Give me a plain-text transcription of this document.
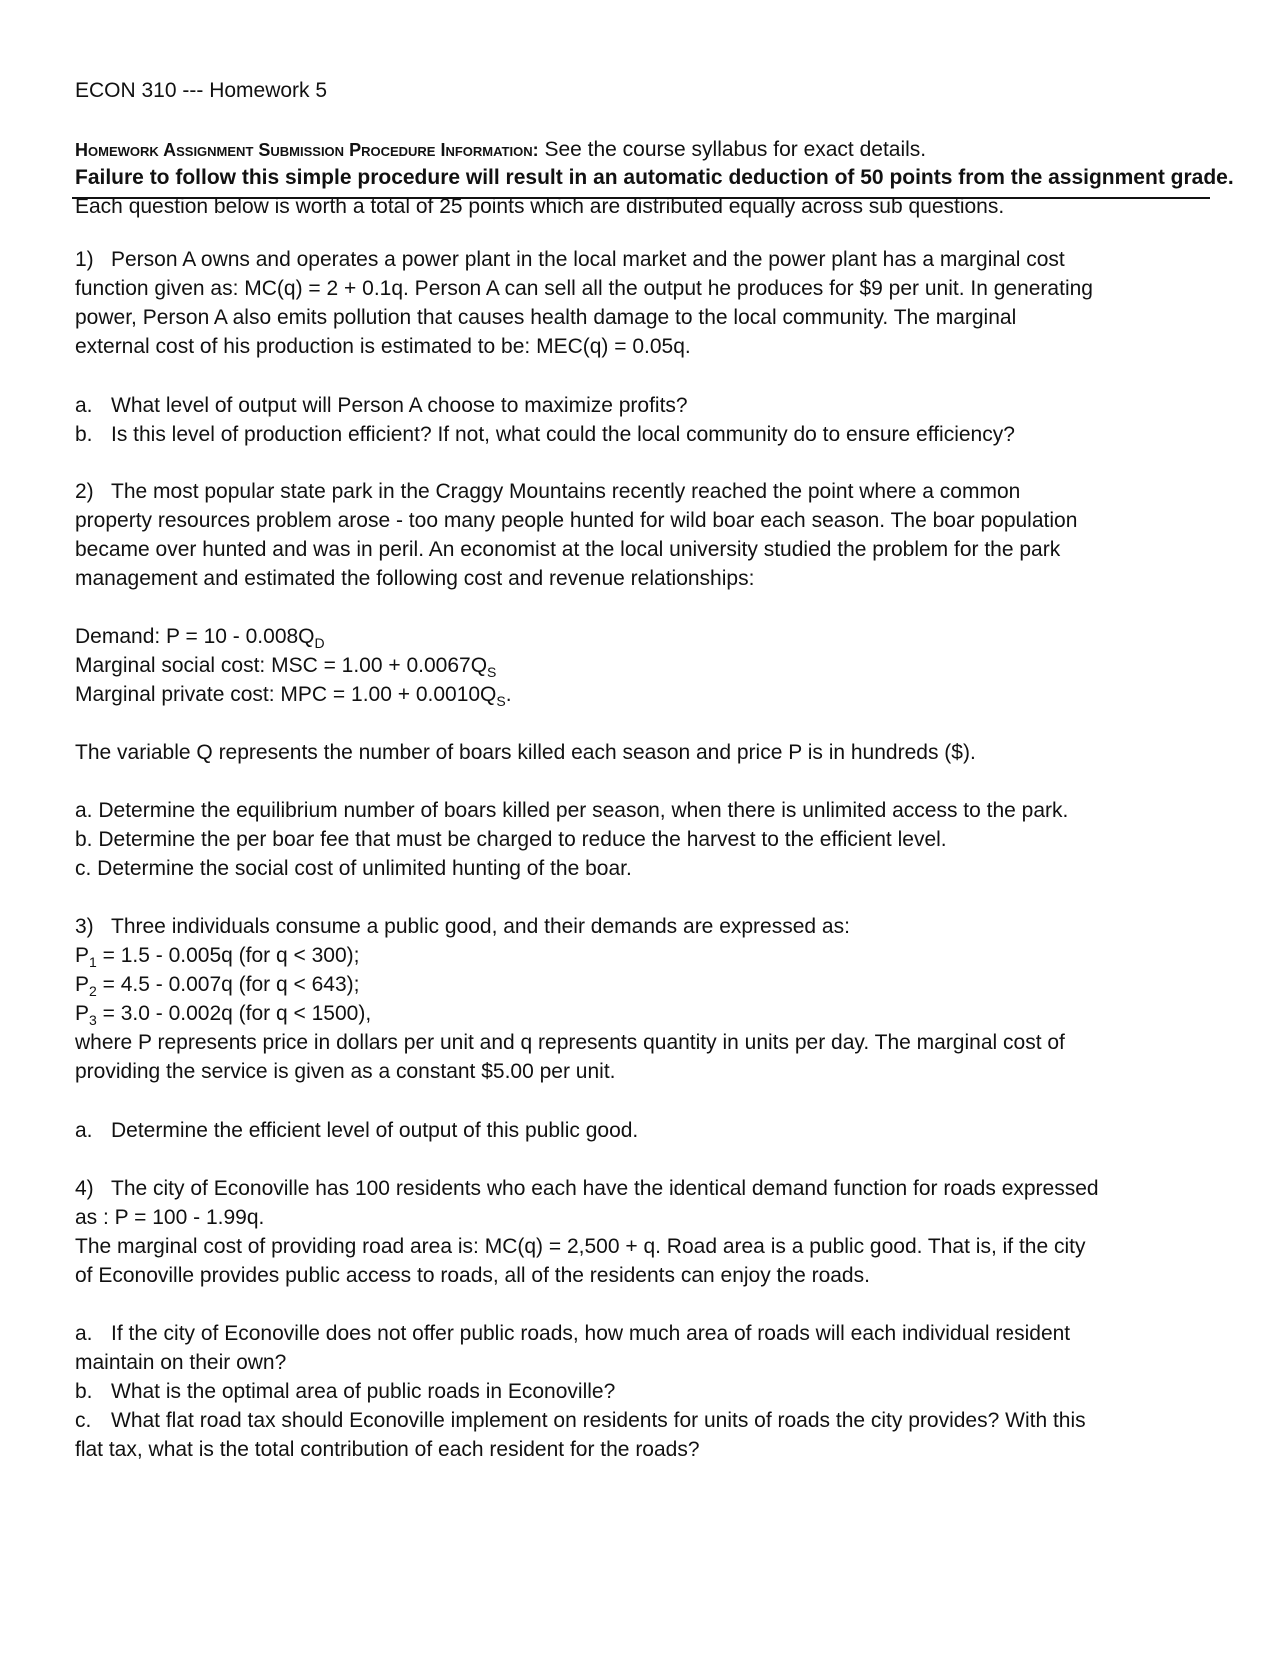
ECON 310 --- Homework 5
Homework Assignment Submission Procedure Information: See the course syllabus for exact details.
Failure to follow this simple procedure will result in an automatic deduction of 50 points from the assignment grade.
Each question below is worth a total of 25 points which are distributed equally across sub questions.
1) Person A owns and operates a power plant in the local market and the power plant has a marginal cost
function given as: MC(q) = 2 + 0.1q. Person A can sell all the output he produces for $9 per unit. In generating
power, Person A also emits pollution that causes health damage to the local community. The marginal
external cost of his production is estimated to be: MEC(q) = 0.05q.
a. What level of output will Person A choose to maximize profits?
b. Is this level of production efficient? If not, what could the local community do to ensure efficiency?
2) The most popular state park in the Craggy Mountains recently reached the point where a common
property resources problem arose - too many people hunted for wild boar each season. The boar population
became over hunted and was in peril. An economist at the local university studied the problem for the park
management and estimated the following cost and revenue relationships:
Demand: $P = 10 - 0.008Q_D$
Marginal social cost: MSC = $1.00 + 0.0067Q_S$
Marginal private cost: MPC = $1.00 + 0.0010Q_S$.
The variable Q represents the number of boars killed each season and price P is in hundreds ($).
a. Determine the equilibrium number of boars killed per season, when there is unlimited access to the park.
b. Determine the per boar fee that must be charged to reduce the harvest to the efficient level.
c. Determine the social cost of unlimited hunting of the boar.
3) Three individuals consume a public good, and their demands are expressed as:
$P_1 = 1.5 - 0.005q$ (for q < 300);
$P_2 = 4.5 - 0.007q$ (for q < 643);
$P_3 = 3.0 - 0.002q$ (for q < 1500),
where P represents price in dollars per unit and q represents quantity in units per day. The marginal cost of
providing the service is given as a constant $5.00 per unit.
a. Determine the efficient level of output of this public good.
4) The city of Econoville has 100 residents who each have the identical demand function for roads expressed
as : P = 100 - 1.99q.
The marginal cost of providing road area is: MC(q) = 2,500 + q. Road area is a public good. That is, if the city
of Econoville provides public access to roads, all of the residents can enjoy the roads.
a. If the city of Econoville does not offer public roads, how much area of roads will each individual resident
maintain on their own?
b. What is the optimal area of public roads in Econoville?
c. What flat road tax should Econoville implement on residents for units of roads the city provides? With this
flat tax, what is the total contribution of each resident for the roads?
